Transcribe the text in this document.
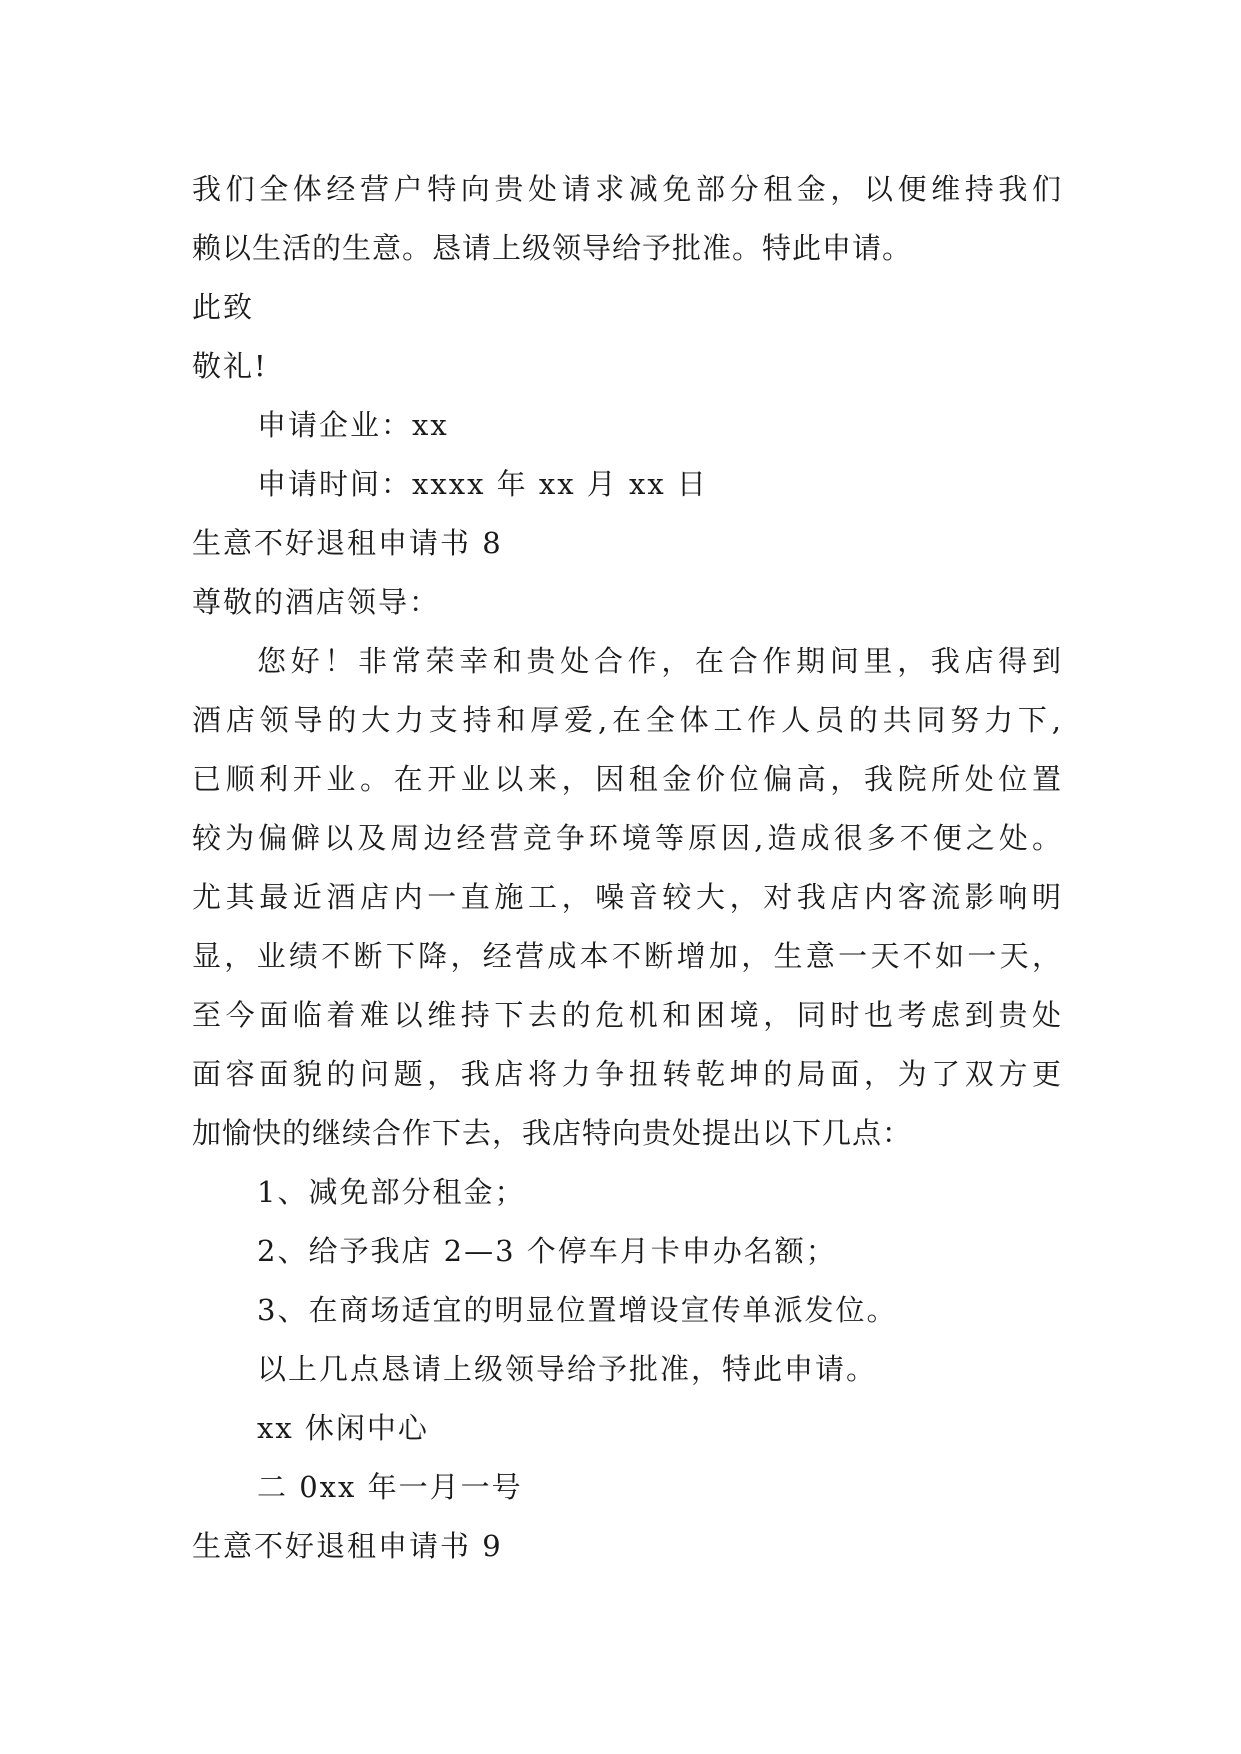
我们全体经营户特向贵处请求减免部分租金，以便维持我们
赖以生活的生意。恳请上级领导给予批准。特此申请。
此致
敬礼!
申请企业：xx
申请时间：xxxx 年 xx 月 xx 日
生意不好退租申请书 8
尊敬的酒店领导：
您好！非常荣幸和贵处合作，在合作期间里，我店得到
酒店领导的大力支持和厚爱,在全体工作人员的共同努力下,
已顺利开业。在开业以来，因租金价位偏高，我院所处位置
较为偏僻以及周边经营竞争环境等原因,造成很多不便之处。
尤其最近酒店内一直施工，噪音较大，对我店内客流影响明
显，业绩不断下降，经营成本不断增加，生意一天不如一天，
至今面临着难以维持下去的危机和困境，同时也考虑到贵处
面容面貌的问题，我店将力争扭转乾坤的局面，为了双方更
加愉快的继续合作下去，我店特向贵处提出以下几点：
1、减免部分租金；
2、给予我店 2—3 个停车月卡申办名额；
3、在商场适宜的明显位置增设宣传单派发位。
以上几点恳请上级领导给予批准，特此申请。
xx 休闲中心
二 0xx 年一月一号
生意不好退租申请书 9
